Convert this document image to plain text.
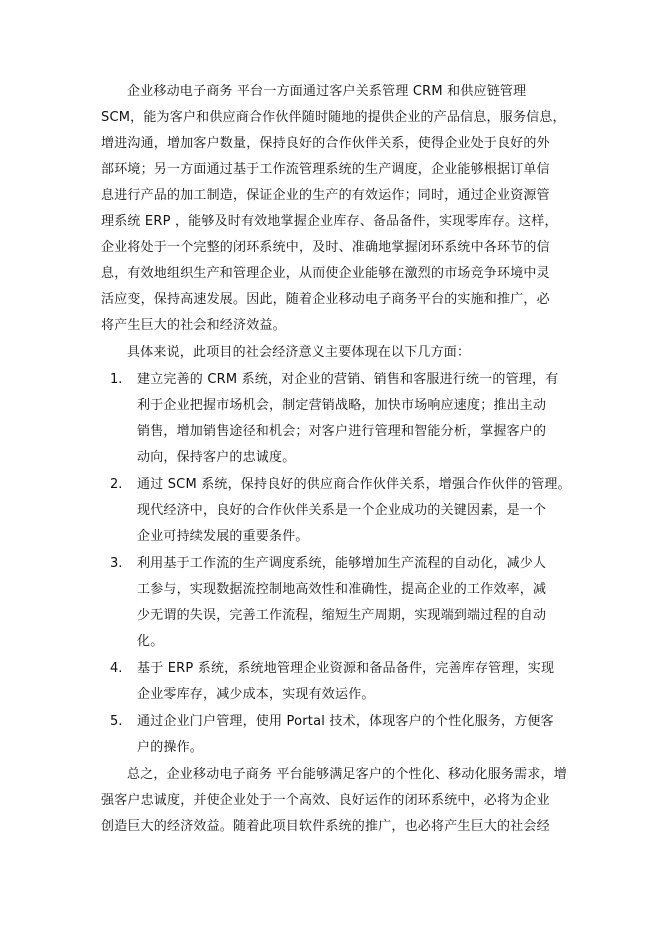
企业移动电子商务 平台一方面通过客户关系管理 CRM 和供应链管理
SCM，能为客户和供应商合作伙伴随时随地的提供企业的产品信息，服务信息，
增进沟通，增加客户数量，保持良好的合作伙伴关系，使得企业处于良好的外
部环境；另一方面通过基于工作流管理系统的生产调度，企业能够根据订单信
息进行产品的加工制造，保证企业的生产的有效运作；同时，通过企业资源管
理系统 ERP ，能够及时有效地掌握企业库存、备品备件，实现零库存。这样，
企业将处于一个完整的闭环系统中，及时、准确地掌握闭环系统中各环节的信
息，有效地组织生产和管理企业，从而使企业能够在激烈的市场竞争环境中灵
活应变，保持高速发展。因此，随着企业移动电子商务平台的实施和推广，必
将产生巨大的社会和经济效益。
具体来说，此项目的社会经济意义主要体现在以下几方面：
1. 建立完善的 CRM 系统，对企业的营销、销售和客服进行统一的管理，有
利于企业把握市场机会，制定营销战略，加快市场响应速度；推出主动
销售，增加销售途径和机会；对客户进行管理和智能分析，掌握客户的
动向，保持客户的忠诚度。
2. 通过 SCM 系统，保持良好的供应商合作伙伴关系，增强合作伙伴的管理。
现代经济中，良好的合作伙伴关系是一个企业成功的关键因素，是一个
企业可持续发展的重要条件。
3. 利用基于工作流的生产调度系统，能够增加生产流程的自动化，减少人
工参与，实现数据流控制地高效性和准确性，提高企业的工作效率，减
少无谓的失误，完善工作流程，缩短生产周期，实现端到端过程的自动
化。
4. 基于 ERP 系统，系统地管理企业资源和备品备件，完善库存管理，实现
企业零库存，减少成本，实现有效运作。
5. 通过企业门户管理，使用 Portal 技术，体现客户的个性化服务，方便客
户的操作。
总之，企业移动电子商务 平台能够满足客户的个性化、移动化服务需求，增
强客户忠诚度，并使企业处于一个高效、良好运作的闭环系统中，必将为企业
创造巨大的经济效益。随着此项目软件系统的推广，也必将产生巨大的社会经
